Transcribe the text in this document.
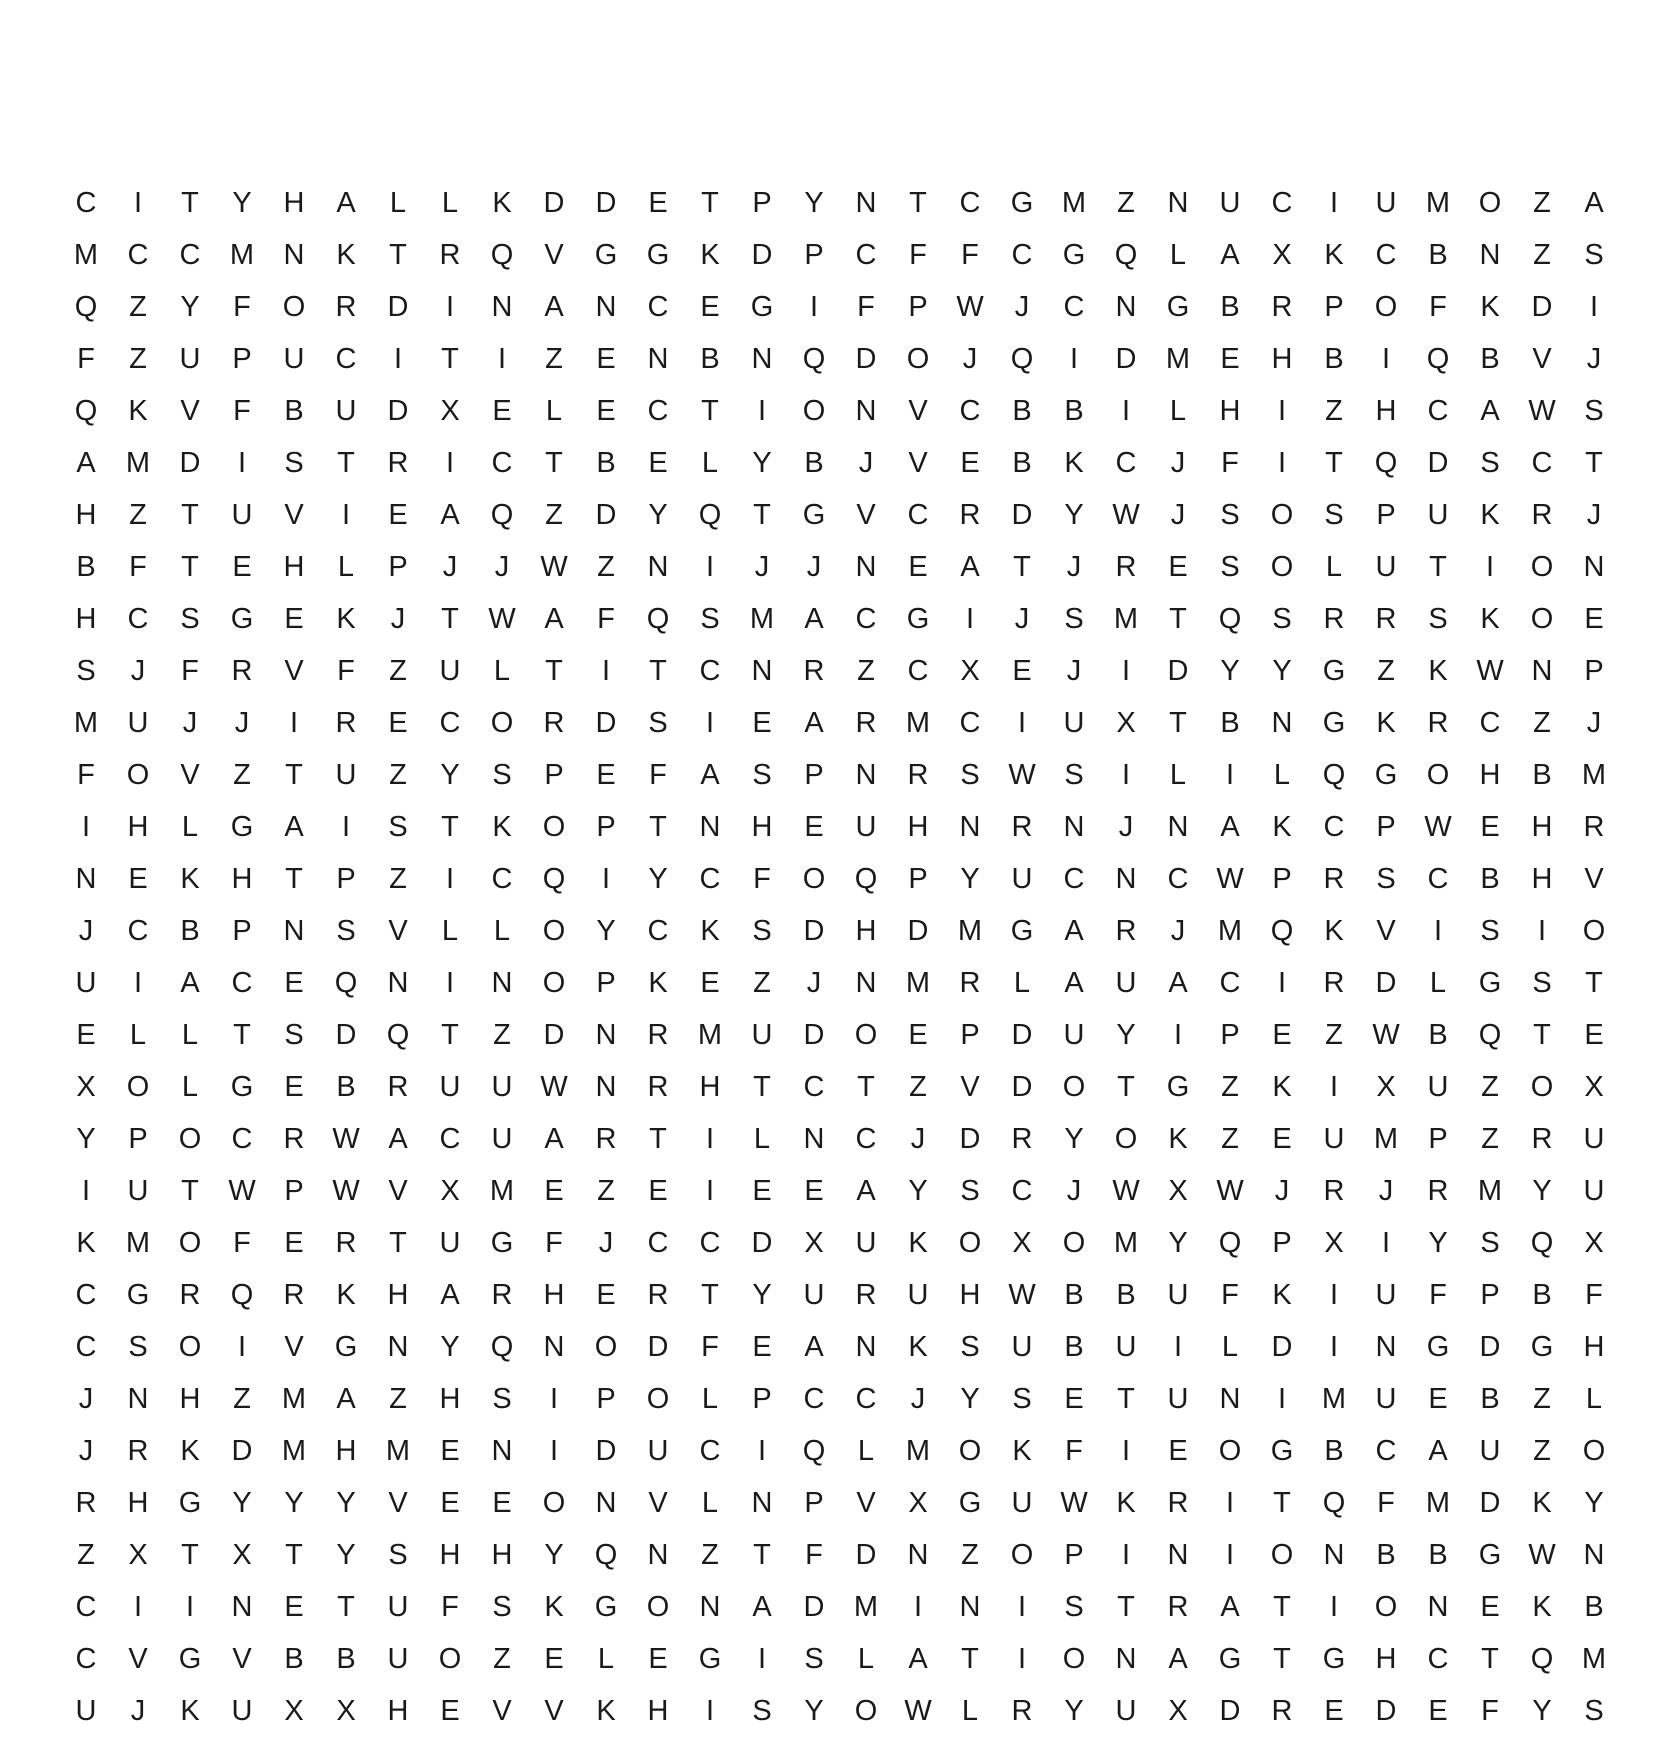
C	I	T	Y	H	A	L	L	K	D	D	E	T	P	Y	N	T	C	G M	Z	N	U	C	I	U	M O	Z	A
M	C	C	M	N	K	T	R	Q	V	G	G	K	D	P	C	F	F	C	G	Q	L	A	X	K	C	B	N	Z	S
Q	Z	Y	F	O	R	D	I	N	A	N	C	E	G	I	F	P W	J	C	N	G	B	R	P	O	F	K	D	I
F	Z	U	P	U	C	I	T	I	Z	E	N	B	N	Q	D	O	J	Q	I	D	M	E	H	B	I	Q	B	V	J
Q	K	V	F	B	U	D	X	E	L	E	C	T	I	O	N	V	C	B	B	I	L	H	I	Z	H	C	A W S
A	M	D	I	S	T	R	I	C	T	B	E	L	Y	B	J	V	E	B	K	C	J	F	I	T	Q	D	S	C	T
H	Z	T	U	V	I	E	A	Q	Z	D	Y	Q	T	G	V	C	R	D	Y W	J	S	O	S	P	U	K	R	J
B	F	T	E	H	L	P	J	J	W	Z	N	I	J	J	N	E	A	T	J	R	E	S	O	L	U	T	I	O	N
H	C	S	G	E	K	J	T	W A	F	Q	S	M	A	C	G	I	J	S	M	T	Q	S	R	R	S	K	O	E
S	J	F	R	V	F	Z	U	L	T	I	T	C	N	R	Z	C	X	E	J	I	D	Y	Y	G	Z	K W N	P
M	U	J	J	I	R	E	C	O	R	D	S	I	E	A	R	M	C	I	U	X	T	B	N	G	K	R	C	Z	J
F	O	V	Z	T	U	Z	Y	S	P	E	F	A	S	P	N	R	S W S	I	L	I	L	Q	G	O	H	B	M
I	H	L	G	A	I	S	T	K	O	P	T	N	H	E	U	H	N	R	N	J	N	A	K	C	P W E	H	R
N	E	K	H	T	P	Z	I	C	Q	I	Y	C	F	O	Q	P	Y	U	C	N	C W P	R	S	C	B	H	V
J	C	B	P	N	S	V	L	L	O	Y	C	K	S	D	H	D	M G	A	R	J	M Q	K	V	I	S	I	O
U	I	A	C	E	Q	N	I	N	O	P	K	E	Z	J	N	M	R	L	A	U	A	C	I	R	D	L	G	S	T
E	L	L	T	S	D	Q	T	Z	D	N	R	M	U	D	O	E	P	D	U	Y	I	P	E	Z	W B	Q	T	E
X	O	L	G	E	B	R	U	U W N	R	H	T	C	T	Z	V	D	O	T	G	Z	K	I	X	U	Z	O	X
Y	P	O	C	R W A	C	U	A	R	T	I	L	N	C	J	D	R	Y	O	K	Z	E	U	M	P	Z	R	U
I	U	T	W P W V	X	M	E	Z	E	I	E	E	A	Y	S	C	J	W X W	J	R	J	R	M	Y	U
K	M O	F	E	R	T	U	G	F	J	C	C	D	X	U	K	O	X	O M	Y	Q	P	X	I	Y	S	Q	X
C	G	R	Q	R	K	H	A	R	H	E	R	T	Y	U	R	U	H W B	B	U	F	K	I	U	F	P	B	F
C	S	O	I	V	G	N	Y	Q	N	O	D	F	E	A	N	K	S	U	B	U	I	L	D	I	N	G	D	G	H
J	N	H	Z	M	A	Z	H	S	I	P	O	L	P	C	C	J	Y	S	E	T	U	N	I	M	U	E	B	Z	L
J	R	K	D	M	H	M	E	N	I	D	U	C	I	Q	L	M O	K	F	I	E	O	G	B	C	A	U	Z	O
R	H	G	Y	Y	Y	V	E	E	O	N	V	L	N	P	V	X	G	U W K	R	I	T	Q	F	M	D	K	Y
Z	X	T	X	T	Y	S	H	H	Y	Q	N	Z	T	F	D	N	Z	O	P	I	N	I	O	N	B	B	G W N
C	I	I	N	E	T	U	F	S	K	G	O	N	A	D	M	I	N	I	S	T	R	A	T	I	O	N	E	K	B
C	V	G	V	B	B	U	O	Z	E	L	E	G	I	S	L	A	T	I	O	N	A	G	T	G	H	C	T	Q M
U	J	K	U	X	X	H	E	V	V	K	H	I	S	Y	O W	L	R	Y	U	X	D	R	E	D	E	F	Y	S
